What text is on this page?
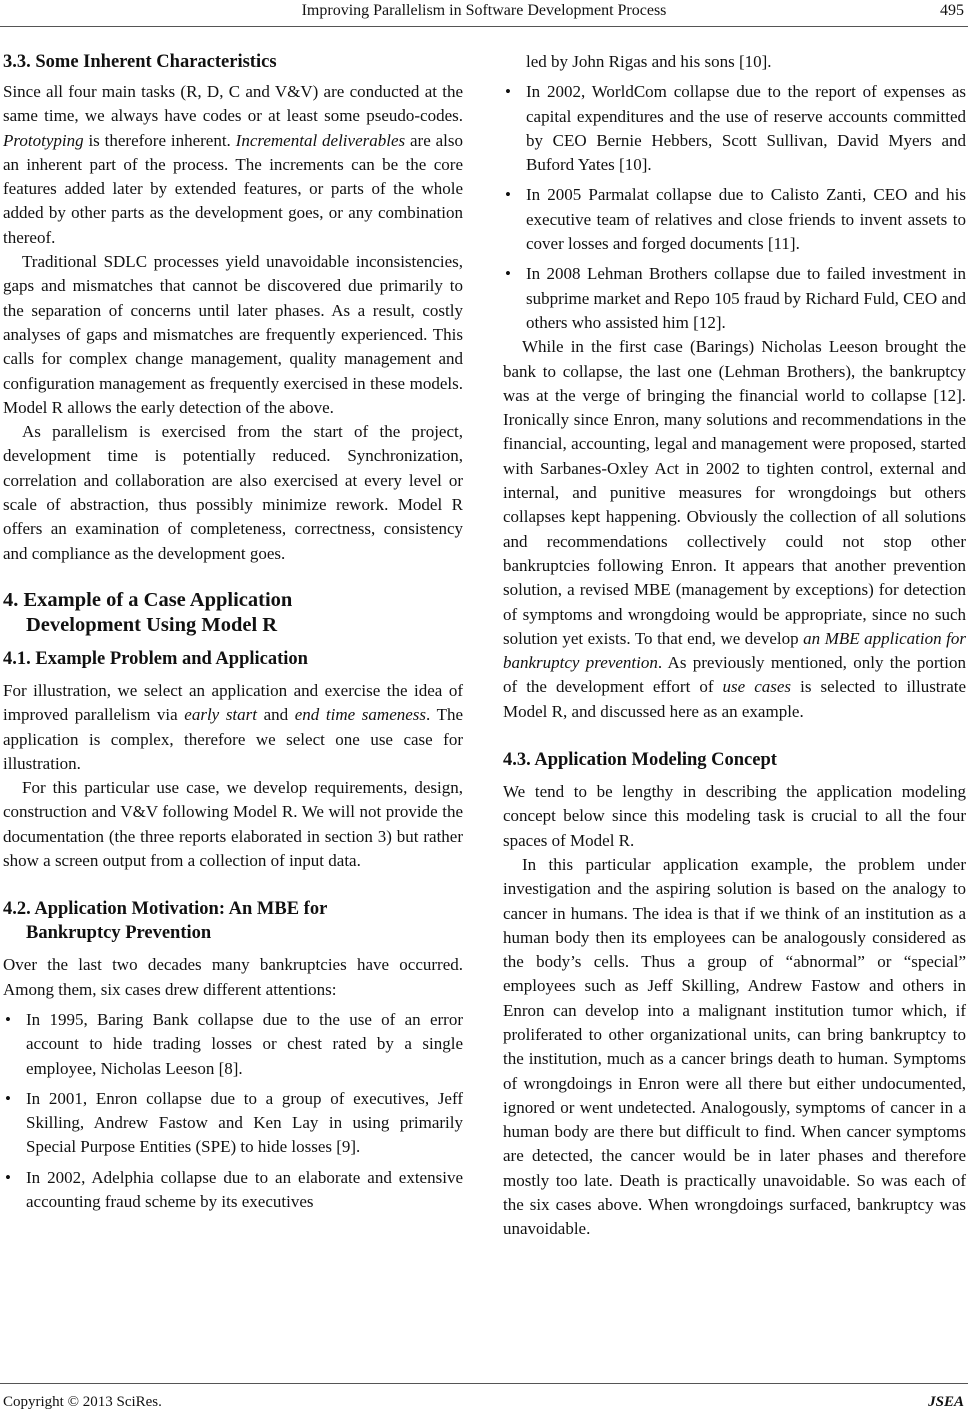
Improving Parallelism in Software Development Process	495
3.3. Some Inherent Characteristics

Since all four main tasks (R, D, C and V&V) are conducted at the same time, we always have codes or at least some pseudo-codes. Prototyping is therefore inherent. Incremental deliverables are also an inherent part of the process. The increments can be the core features added later by extended features, or parts of the whole added by other parts as the development goes, or any combination thereof.

Traditional SDLC processes yield unavoidable inconsistencies, gaps and mismatches that cannot be discovered due primarily to the separation of concerns until later phases. As a result, costly analyses of gaps and mismatches are frequently experienced. This calls for complex change management, quality management and configuration management as frequently exercised in these models. Model R allows the early detection of the above.

As parallelism is exercised from the start of the project, development time is potentially reduced. Synchronization, correlation and collaboration are also exercised at every level or scale of abstraction, thus possibly minimize rework. Model R offers an examination of completeness, correctness, consistency and compliance as the development goes.

4. Example of a Case Application
Development Using Model R
4.1. Example Problem and Application

For illustration, we select an application and exercise the idea of improved parallelism via early start and end time sameness. The application is complex, therefore we select one use case for illustration.

For this particular use case, we develop requirements, design, construction and V&V following Model R. We will not provide the documentation (the three reports elaborated in section 3) but rather show a screen output from a collection of input data.

4.2. Application Motivation: An MBE for
Bankruptcy Prevention

Over the last two decades many bankruptcies have occurred. Among them, six cases drew different attentions:

• In 1995, Baring Bank collapse due to the use of an error account to hide trading losses or chest rated by a single employee, Nicholas Leeson [8].
• In 2001, Enron collapse due to a group of executives, Jeff Skilling, Andrew Fastow and Ken Lay in using primarily Special Purpose Entities (SPE) to hide losses [9].
• In 2002, Adelphia collapse due to an elaborate and extensive accounting fraud scheme by its executives
led by John Rigas and his sons [10].
• In 2002, WorldCom collapse due to the report of expenses as capital expenditures and the use of reserve accounts committed by CEO Bernie Hebbers, Scott Sullivan, David Myers and Buford Yates [10].
• In 2005 Parmalat collapse due to Calisto Zanti, CEO and his executive team of relatives and close friends to invent assets to cover losses and forged documents [11].
• In 2008 Lehman Brothers collapse due to failed investment in subprime market and Repo 105 fraud by Richard Fuld, CEO and others who assisted him [12].

While in the first case (Barings) Nicholas Leeson brought the bank to collapse, the last one (Lehman Brothers), the bankruptcy was at the verge of bringing the financial world to collapse [12]. Ironically since Enron, many solutions and recommendations in the financial, accounting, legal and management were proposed, started with Sarbanes-Oxley Act in 2002 to tighten control, external and internal, and punitive measures for wrongdoings but others collapses kept happening. Obviously the collection of all solutions and recommendations collectively could not stop other bankruptcies following Enron. It appears that another prevention solution, a revised MBE (management by exceptions) for detection of symptoms and wrongdoing would be appropriate, since no such solution yet exists. To that end, we develop an MBE application for bankruptcy prevention. As previously mentioned, only the portion of the development effort of use cases is selected to illustrate Model R, and discussed here as an example.

4.3. Application Modeling Concept

We tend to be lengthy in describing the application modeling concept below since this modeling task is crucial to all the four spaces of Model R.

In this particular application example, the problem under investigation and the aspiring solution is based on the analogy to cancer in humans. The idea is that if we think of an institution as a human body then its employees can be analogously considered as the body’s cells. Thus a group of “abnormal” or “special” employees such as Jeff Skilling, Andrew Fastow and others in Enron can develop into a malignant institution tumor which, if proliferated to other organizational units, can bring bankruptcy to the institution, much as a cancer brings death to human. Symptoms of wrongdoings in Enron were all there but either undocumented, ignored or went undetected. Analogously, symptoms of cancer in a human body are there but difficult to find. When cancer symptoms are detected, the cancer would be in later phases and therefore mostly too late. Death is practically unavoidable. So was each of the six cases above. When wrongdoings surfaced, bankruptcy was unavoidable.

Copyright © 2013 SciRes.	JSEA
